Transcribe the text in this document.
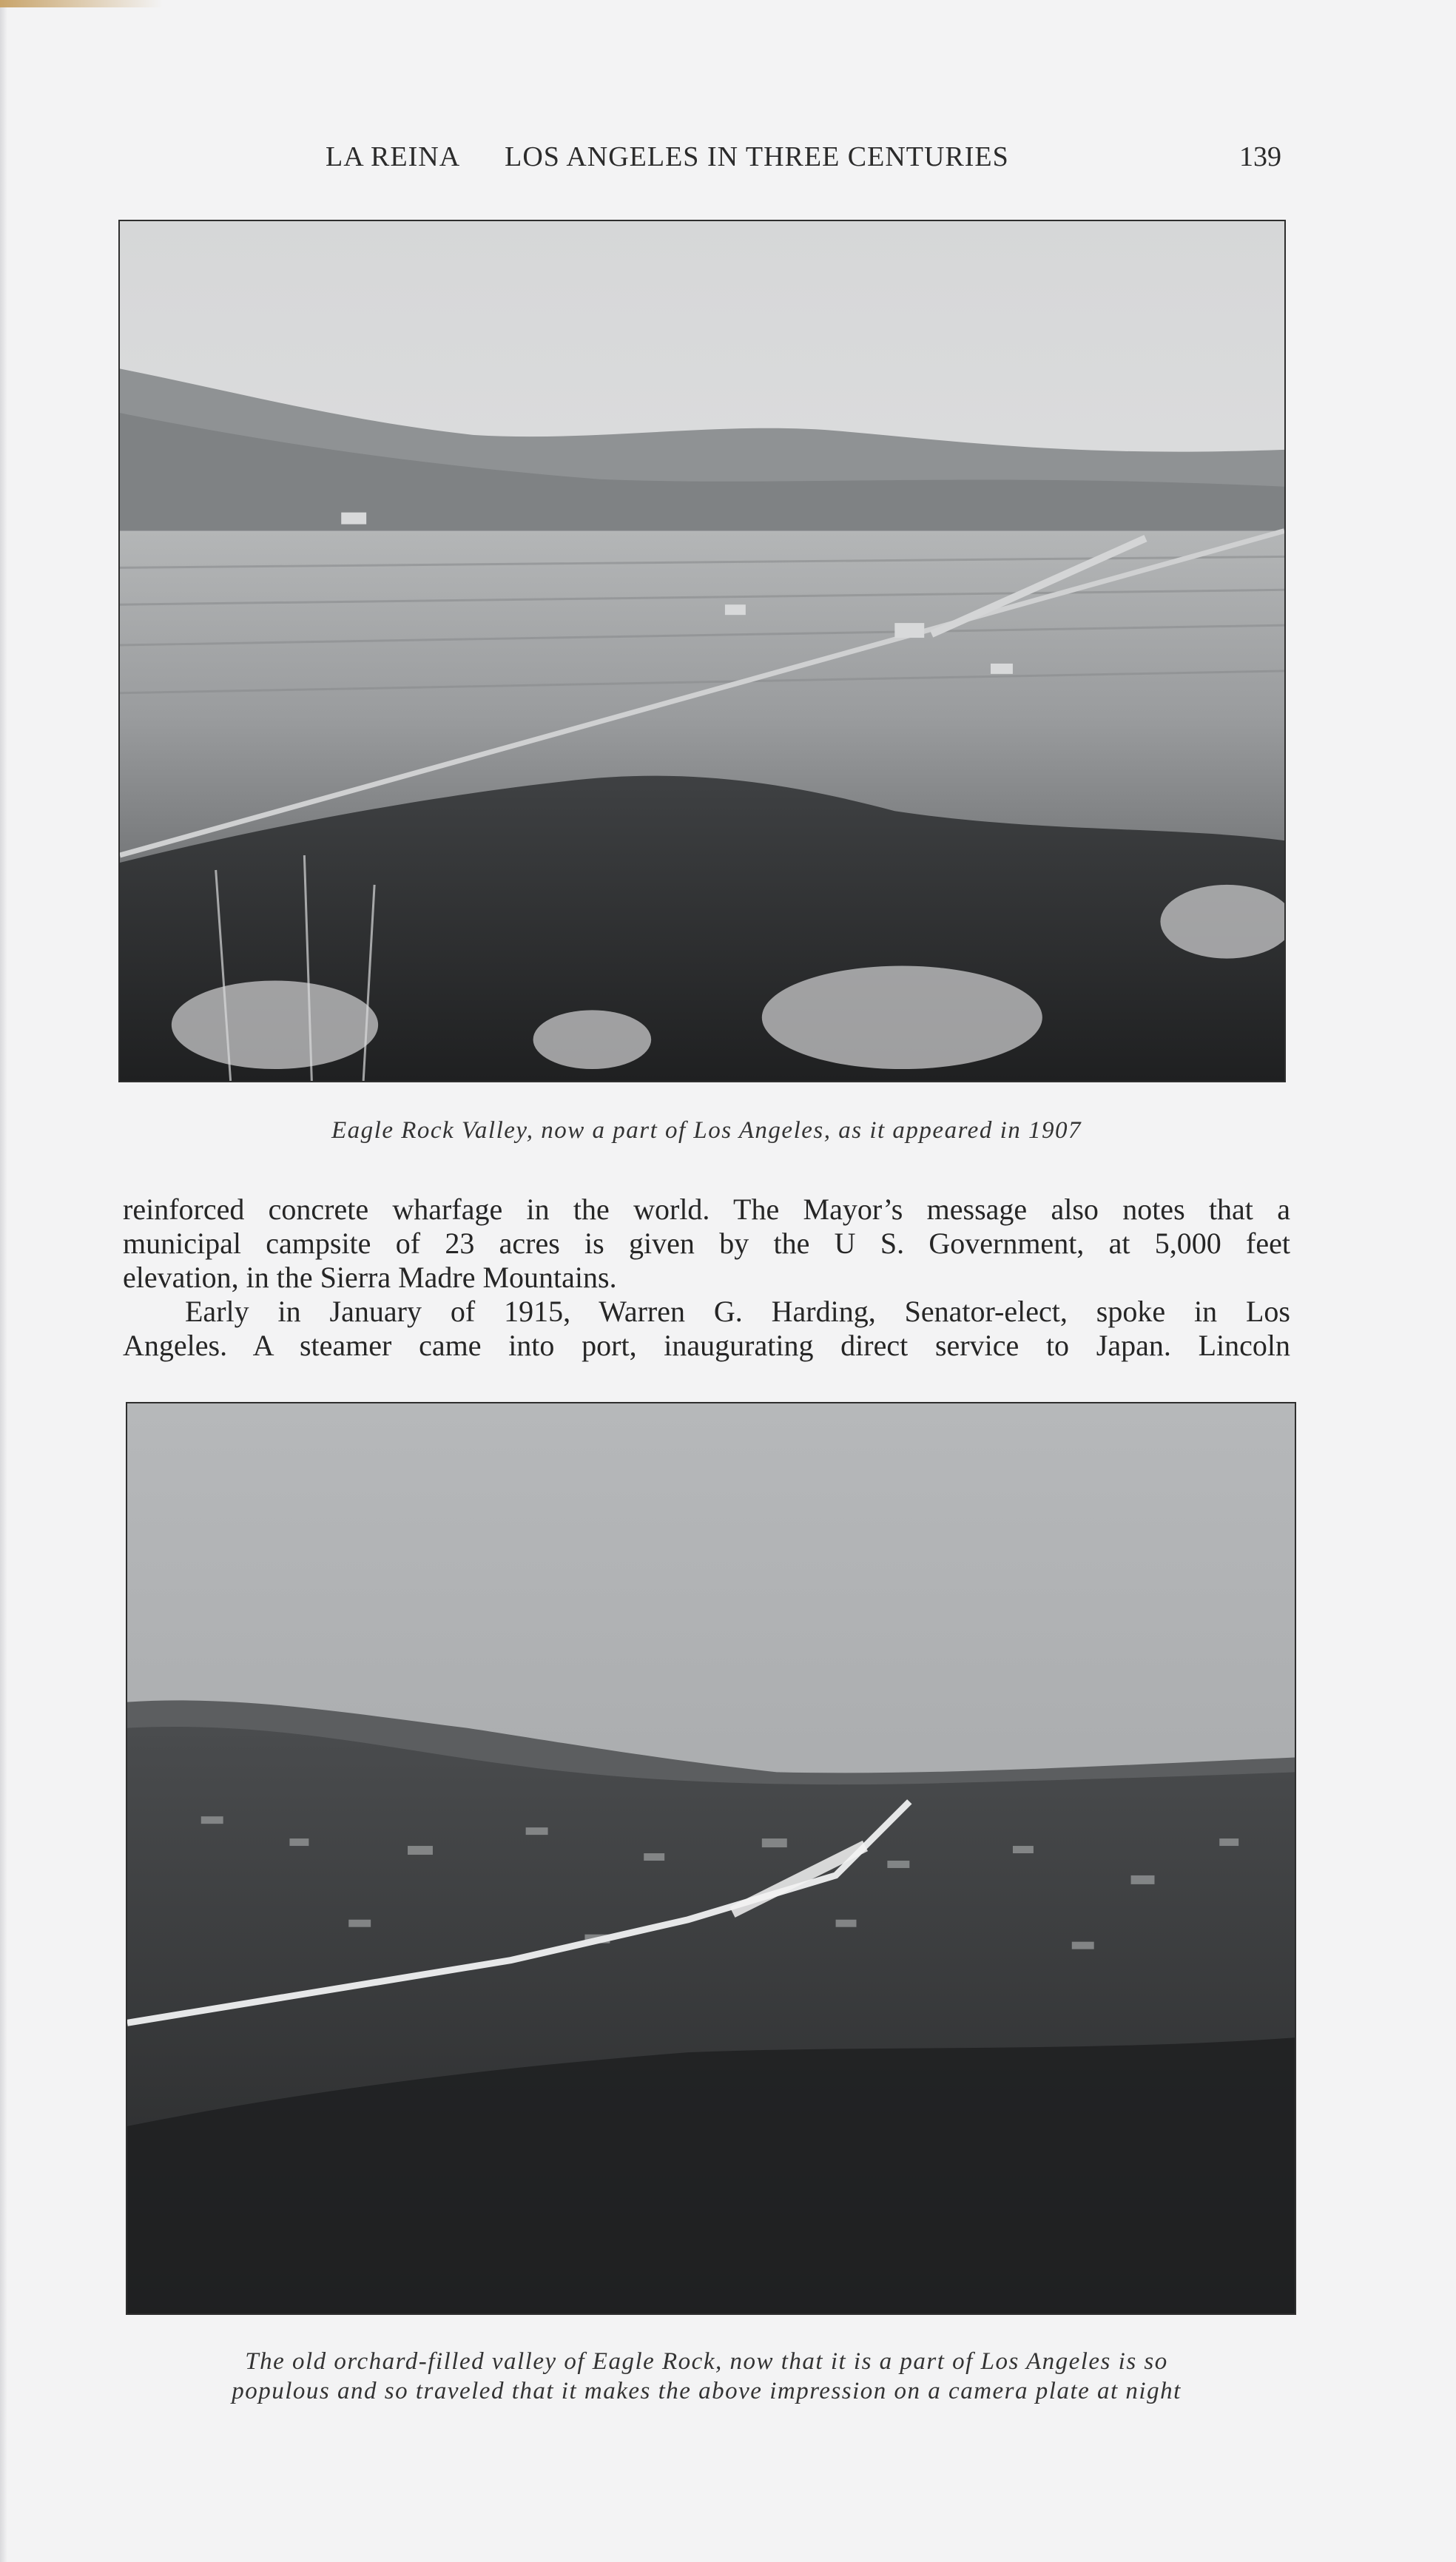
LA REINA LOS ANGELES IN THREE CENTURIES	139
Eagle Rock Valley, now a part of Los Angeles, as it appeared in 1907
reinforced concrete wharfage in the world. The Mayor’s message also notes that a
municipal campsite of 23 acres is given by the U S. Government, at 5,000 feet
elevation, in the Sierra Madre Mountains.
Early in January of 1915, Warren G. Harding, Senator-elect, spoke in Los
Angeles. A steamer came into port, inaugurating direct service to Japan. Lincoln
The old orchard-filled valley of Eagle Rock, now that it is a part of Los Angeles is so
populous and so traveled that it makes the above impression on a camera plate at night
